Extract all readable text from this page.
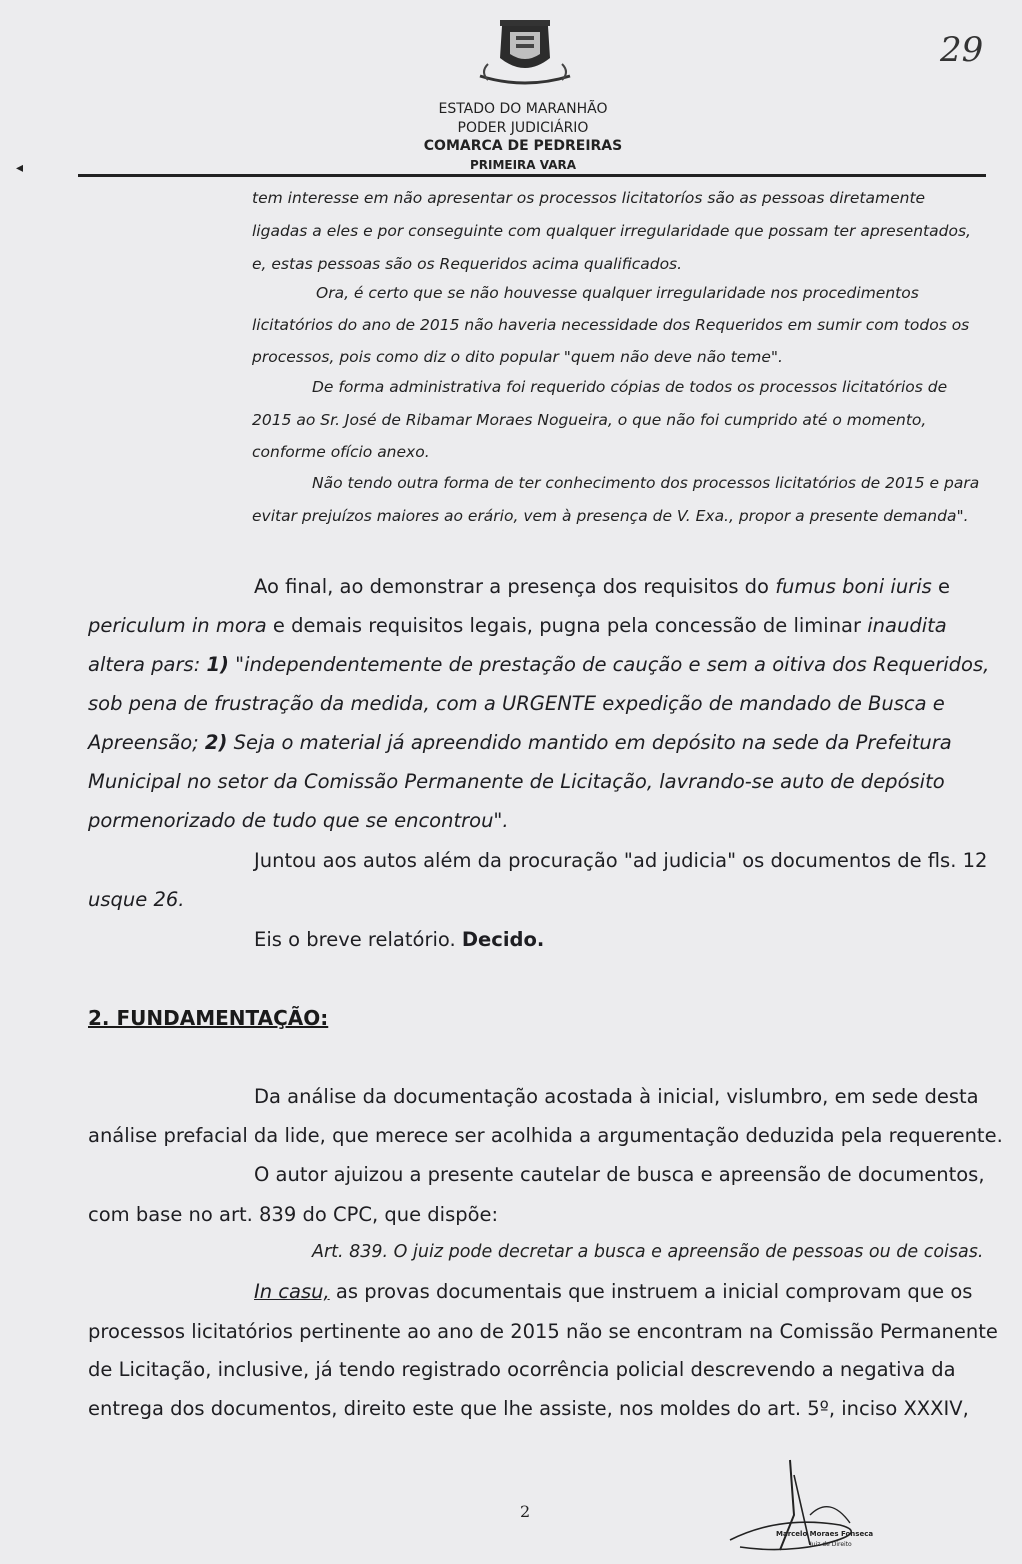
29
◂
ESTADO DO MARANHÃO
PODER JUDICIÁRIO
COMARCA DE PEDREIRAS
PRIMEIRA VARA
tem interesse em não apresentar os processos licitatoríos são as pessoas diretamente
ligadas a eles e por conseguinte com qualquer irregularidade que possam ter apresentados,
e, estas pessoas são os Requeridos acima qualificados.
Ora, é certo que se não houvesse qualquer irregularidade nos procedimentos
licitatórios do ano de 2015 não haveria necessidade dos Requeridos em sumir com todos os
processos, pois como diz o dito popular "quem não deve não teme".
De forma administrativa foi requerido cópias de todos os processos licitatórios de
2015 ao Sr. José de Ribamar Moraes Nogueira, o que não foi cumprido até o momento,
conforme ofício anexo.
Não tendo outra forma de ter conhecimento dos processos licitatórios de 2015 e para
evitar prejuízos maiores ao erário, vem à presença de V. Exa., propor a presente demanda".
Ao final, ao demonstrar a presença dos requisitos do fumus boni iuris e
periculum in mora e demais requisitos legais, pugna pela concessão de liminar inaudita
altera pars: 1) "independentemente de prestação de caução e sem a oitiva dos Requeridos,
sob pena de frustração da medida, com a URGENTE expedição de mandado de Busca e
Apreensão; 2) Seja o material já apreendido mantido em depósito na sede da Prefeitura
Municipal no setor da Comissão Permanente de Licitação, lavrando-se auto de depósito
pormenorizado de tudo que se encontrou".
Juntou aos autos além da procuração "ad judicia" os documentos de fls. 12
usque 26.
Eis o breve relatório. Decido.
2. FUNDAMENTAÇÃO:
Da análise da documentação acostada à inicial, vislumbro, em sede desta
análise prefacial da lide, que merece ser acolhida a argumentação deduzida pela requerente.
O autor ajuizou a presente cautelar de busca e apreensão de documentos,
com base no art. 839 do CPC, que dispõe:
Art. 839. O juiz pode decretar a busca e apreensão de pessoas ou de coisas.
In casu, as provas documentais que instruem a inicial comprovam que os
processos licitatórios pertinente ao ano de 2015 não se encontram na Comissão Permanente
de Licitação, inclusive, já tendo registrado ocorrência policial descrevendo a negativa da
entrega dos documentos, direito este que lhe assiste, nos moldes do art. 5º, inciso XXXIV,
2
Marcelo Moraes Fonseca
Juiz de Direito
